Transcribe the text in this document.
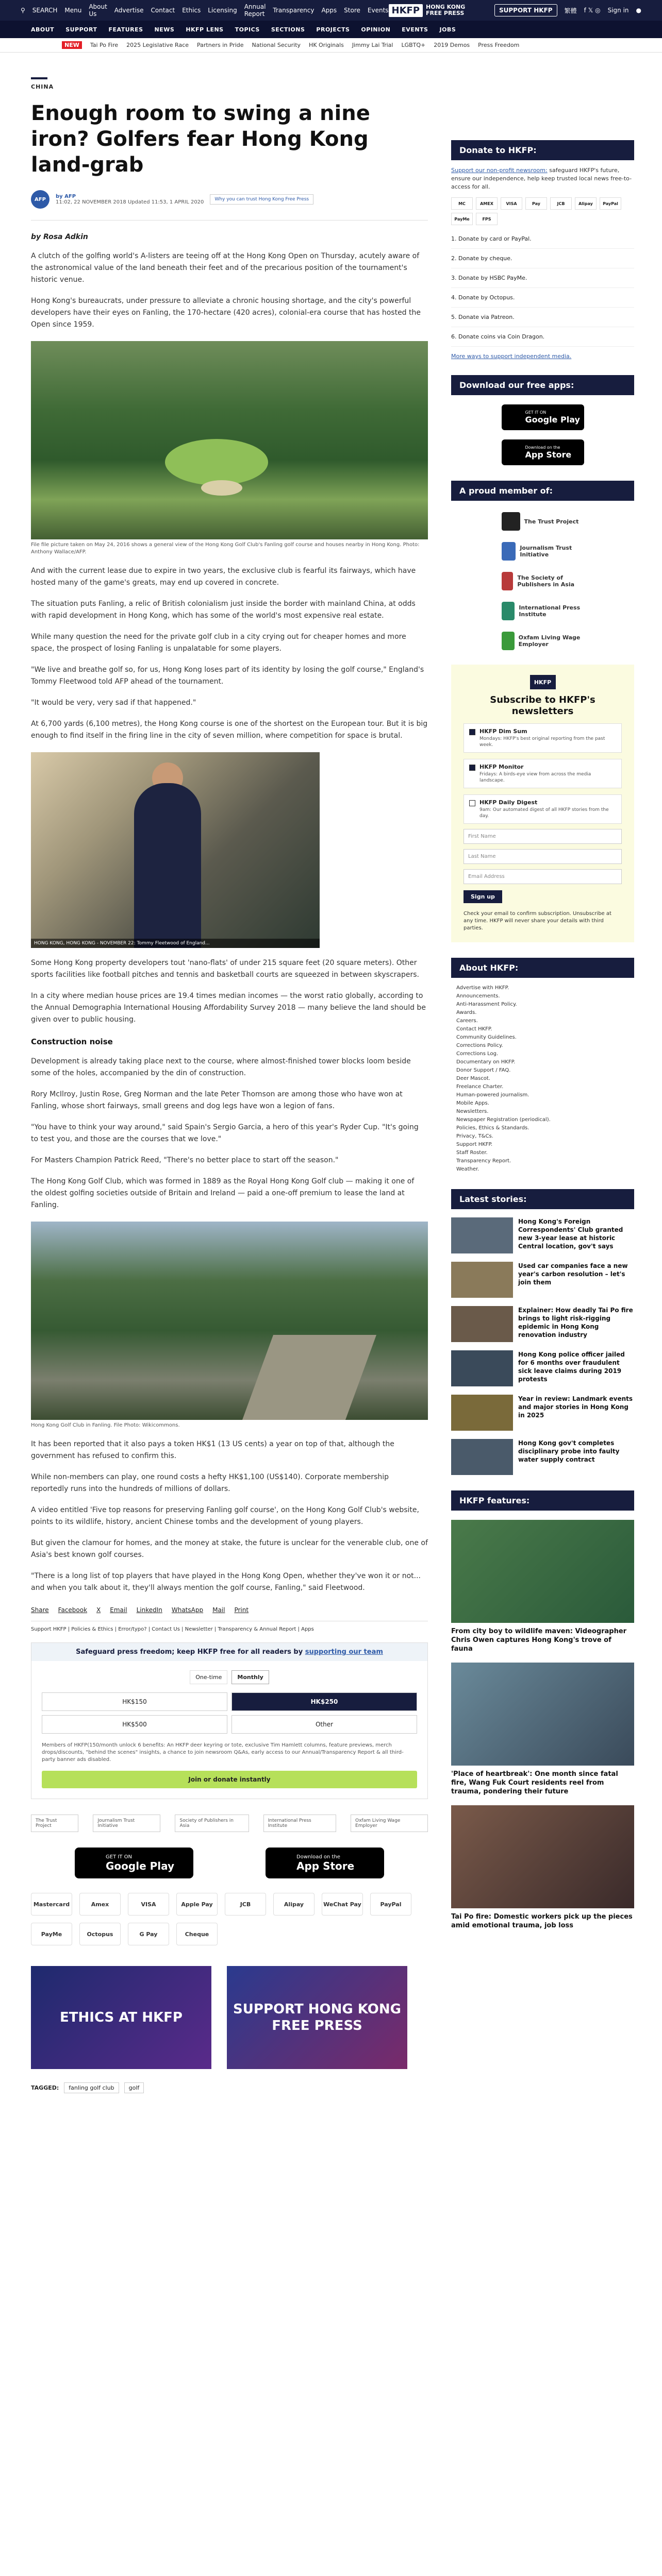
⚲ SEARCH Menu About Us	Advertise Contact Ethics Licensing Annual Report Transparency Apps Store Events HKFP	HONG KONG
FREE PRESS	SUPPORT HKFP	繁體 f 𝕏 ◎ Sign in ●
ABOUT SUPPORT FEATURES NEWS HKFP LENS TOPICS SECTIONS PROJECTS OPINION EVENTS JOBS
NEW	Tai Po Fire 2025 Legislative Race Partners in Pride National Security HK Originals Jimmy Lai Trial LGBTQ+ 2019 Demos Press Freedom
CHINA
Enough room to swing a nine iron? Golfers fear Hong Kong land-grab
AFP	by AFP
11:02, 22 NOVEMBER 2018 Updated 11:53, 1 APRIL 2020	Why you can trust Hong Kong Free Press
by Rosa Adkin

A clutch of the golfing world's A-listers are teeing off at the Hong Kong Open on Thursday, acutely aware of the astronomical value of the land beneath their feet and of the precarious position of the tournament's historic venue.

Hong Kong's bureaucrats, under pressure to alleviate a chronic housing shortage, and the city's powerful developers have their eyes on Fanling, the 170-hectare (420 acres), colonial-era course that has hosted the Open since 1959.

File file picture taken on May 24, 2016 shows a general view of the Hong Kong Golf Club's Fanling golf course and houses nearby in Hong Kong. Photo: Anthony Wallace/AFP.

And with the current lease due to expire in two years, the exclusive club is fearful its fairways, which have hosted many of the game's greats, may end up covered in concrete.

The situation puts Fanling, a relic of British colonialism just inside the border with mainland China, at odds with rapid development in Hong Kong, which has some of the world's most expensive real estate.

While many question the need for the private golf club in a city crying out for cheaper homes and more space, the prospect of losing Fanling is unpalatable for some players.

"We live and breathe golf so, for us, Hong Kong loses part of its identity by losing the golf course," England's Tommy Fleetwood told AFP ahead of the tournament.

"It would be very, very sad if that happened."

At 6,700 yards (6,100 metres), the Hong Kong course is one of the shortest on the European tour. But it is big enough to find itself in the firing line in the city of seven million, where competition for space is brutal.

HONG KONG, HONG KONG - NOVEMBER 22: Tommy Fleetwood of England...

Some Hong Kong property developers tout 'nano-flats' of under 215 square feet (20 square meters). Other sports facilities like football pitches and tennis and basketball courts are squeezed in between skyscrapers.

In a city where median house prices are 19.4 times median incomes — the worst ratio globally, according to the Annual Demographia International Housing Affordability Survey 2018 — many believe the land should be given over to public housing.

Construction noise

Development is already taking place next to the course, where almost-finished tower blocks loom beside some of the holes, accompanied by the din of construction.

Rory McIlroy, Justin Rose, Greg Norman and the late Peter Thomson are among those who have won at Fanling, whose short fairways, small greens and dog legs have won a legion of fans.

"You have to think your way around," said Spain's Sergio Garcia, a hero of this year's Ryder Cup. "It's going to test you, and those are the courses that we love."

For Masters Champion Patrick Reed, "There's no better place to start off the season."

The Hong Kong Golf Club, which was formed in 1889 as the Royal Hong Kong Golf club — making it one of the oldest golfing societies outside of Britain and Ireland — paid a one-off premium to lease the land at Fanling.

Hong Kong Golf Club in Fanling. File Photo: Wikicommons.

It has been reported that it also pays a token HK$1 (13 US cents) a year on top of that, although the government has refused to confirm this.

While non-members can play, one round costs a hefty HK$1,100 (US$140). Corporate membership reportedly runs into the hundreds of millions of dollars.

A video entitled 'Five top reasons for preserving Fanling golf course', on the Hong Kong Golf Club's website, points to its wildlife, history, ancient Chinese tombs and the development of young players.

But given the clamour for homes, and the money at stake, the future is unclear for the venerable club, one of Asia's best known golf courses.

"There is a long list of top players that have played in the Hong Kong Open, whether they've won it or not... and when you talk about it, they'll always mention the golf course, Fanling," said Fleetwood.

Share Facebook X Email LinkedIn WhatsApp Mail Print
Support HKFP | Policies & Ethics | Error/typo? | Contact Us | Newsletter | Transparency & Annual Report | Apps
Safeguard press freedom; keep HKFP free for all readers by supporting our team
One-time	Monthly
HK$150	HK$250
HK$500	Other
Members of HKFP(150/month unlock 6 benefits: An HKFP deer keyring or tote, exclusive Tim Hamlett columns, feature previews, merch drops/discounts, "behind the scenes" insights, a chance to join newsroom Q&As, early access to our Annual/Transparency Report & all third-party banner ads disabled.
Join or donate instantly
The Trust Project
Journalism Trust Initiative
Society of Publishers in Asia
International Press Institute
Oxfam Living Wage Employer
GET IT ON
Google Play
Download on the
App Store
Mastercard	Amex	VISA	Apple Pay	JCB	Alipay	WeChat Pay	PayPal
PayMe	Octopus	G Pay	Cheque
ETHICS AT HKFP
SUPPORT HONG KONG FREE PRESS
TAGGED:	fanling golf club	golf
Donate to HKFP:
Support our non-profit newsroom: safeguard HKFP's future, ensure our independence, help keep trusted local news free-to-access for all.
MC	AMEX	VISA	Pay	JCB	Alipay	PayPal
PayMe	FPS
1. Donate by card or PayPal.
2. Donate by cheque.
3. Donate by HSBC PayMe.
4. Donate by Octopus.
5. Donate via Patreon.
6. Donate coins via Coin Dragon.
More ways to support independent media.
Download our free apps:
GET IT ON
Google Play
Download on the
App Store
A proud member of:
The Trust Project
Journalism Trust Initiative
The Society of Publishers in Asia
International Press Institute
Oxfam Living Wage Employer
HKFP
Subscribe to HKFP's newsletters
HKFP Dim Sum
Mondays: HKFP's best original reporting from the past week.
HKFP Monitor
Fridays: A birds-eye view from across the media landscape.
HKFP Daily Digest
9am: Our automated digest of all HKFP stories from the day.
First Name
Last Name
Email Address
Sign up
Check your email to confirm subscription. Unsubscribe at any time. HKFP will never share your details with third parties.
About HKFP:
Advertise with HKFP.
Announcements.
Anti-Harassment Policy.
Awards.
Careers.
Contact HKFP.
Community Guidelines.
Corrections Policy.
Corrections Log.
Documentary on HKFP.
Donor Support / FAQ.
Deer Mascot.
Freelance Charter.
Human-powered journalism.
Mobile Apps.
Newsletters.
Newspaper Registration (periodical).
Policies, Ethics & Standards.
Privacy, T&Cs.
Support HKFP.
Staff Roster.
Transparency Report.
Weather.
Latest stories:
Hong Kong's Foreign Correspondents' Club granted new 3-year lease at historic Central location, gov't says
Used car companies face a new year's carbon resolution – let's join them
Explainer: How deadly Tai Po fire brings to light risk-rigging epidemic in Hong Kong renovation industry
Hong Kong police officer jailed for 6 months over fraudulent sick leave claims during 2019 protests
Year in review: Landmark events and major stories in Hong Kong in 2025
Hong Kong gov't completes disciplinary probe into faulty water supply contract
HKFP features:
From city boy to wildlife maven: Videographer Chris Owen captures Hong Kong's trove of fauna
'Place of heartbreak': One month since fatal fire, Wang Fuk Court residents reel from trauma, pondering their future
Tai Po fire: Domestic workers pick up the pieces amid emotional trauma, job loss
